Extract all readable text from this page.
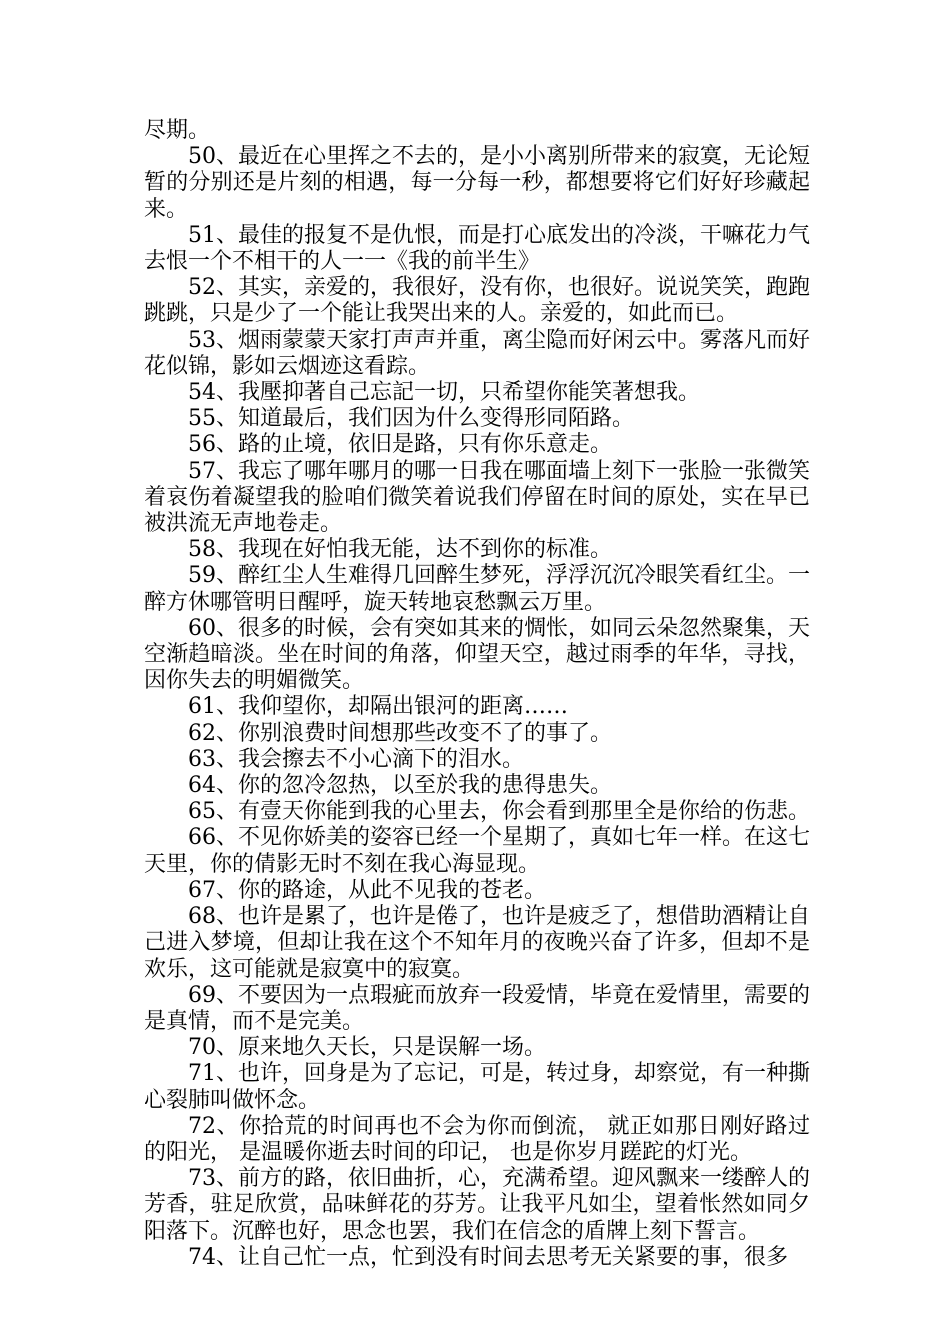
尽期。

50、最近在心里挥之不去的，是小小离别所带来的寂寞，无论短暂的分别还是片刻的相遇，每一分每一秒，都想要将它们好好珍藏起来。

51、最佳的报复不是仇恨，而是打心底发出的冷淡，干嘛花力气去恨一个不相干的人一一《我的前半生》

52、其实，亲爱的，我很好，没有你，也很好。说说笑笑，跑跑跳跳，只是少了一个能让我哭出来的人。亲爱的，如此而已。

53、烟雨蒙蒙天家打声声并重，离尘隐而好闲云中。雾落凡而好花似锦，影如云烟迹这看踪。

54、我壓抑著自己忘記一切，只希望你能笑著想我。

55、知道最后，我们因为什么变得形同陌路。

56、路的止境，依旧是路，只有你乐意走。

57、我忘了哪年哪月的哪一日我在哪面墙上刻下一张脸一张微笑着哀伤着凝望我的脸咱们微笑着说我们停留在时间的原处，实在早已被洪流无声地卷走。

58、我现在好怕我无能，达不到你的标准。

59、醉红尘人生难得几回醉生梦死，浮浮沉沉冷眼笑看红尘。一醉方休哪管明日醒呼，旋天转地哀愁飘云万里。

60、很多的时候，会有突如其来的惆怅，如同云朵忽然聚集，天空渐趋暗淡。坐在时间的角落，仰望天空，越过雨季的年华，寻找，因你失去的明媚微笑。

61、我仰望你，却隔出银河的距离……

62、你别浪费时间想那些改变不了的事了。

63、我会擦去不小心滴下的泪水。

64、你的忽冷忽热，以至於我的患得患失。

65、有壹天你能到我的心里去，你会看到那里全是你给的伤悲。

66、不见你娇美的姿容已经一个星期了，真如七年一样。在这七天里，你的倩影无时不刻在我心海显现。

67、你的路途，从此不见我的苍老。

68、也许是累了，也许是倦了，也许是疲乏了，想借助酒精让自己进入梦境，但却让我在这个不知年月的夜晚兴奋了许多，但却不是欢乐，这可能就是寂寞中的寂寞。

69、不要因为一点瑕疵而放弃一段爱情，毕竟在爱情里，需要的是真情，而不是完美。

70、原来地久天长，只是误解一场。

71、也许，回身是为了忘记，可是，转过身，却察觉，有一种撕心裂肺叫做怀念。

72、你拾荒的时间再也不会为你而倒流， 就正如那日刚好路过的阳光， 是温暖你逝去时间的印记， 也是你岁月蹉跎的灯光。

73、前方的路，依旧曲折，心，充满希望。迎风飘来一缕醉人的芳香，驻足欣赏，品味鲜花的芬芳。让我平凡如尘，望着怅然如同夕阳落下。沉醉也好，思念也罢，我们在信念的盾牌上刻下誓言。

74、让自己忙一点，忙到没有时间去思考无关紧要的事，很多
